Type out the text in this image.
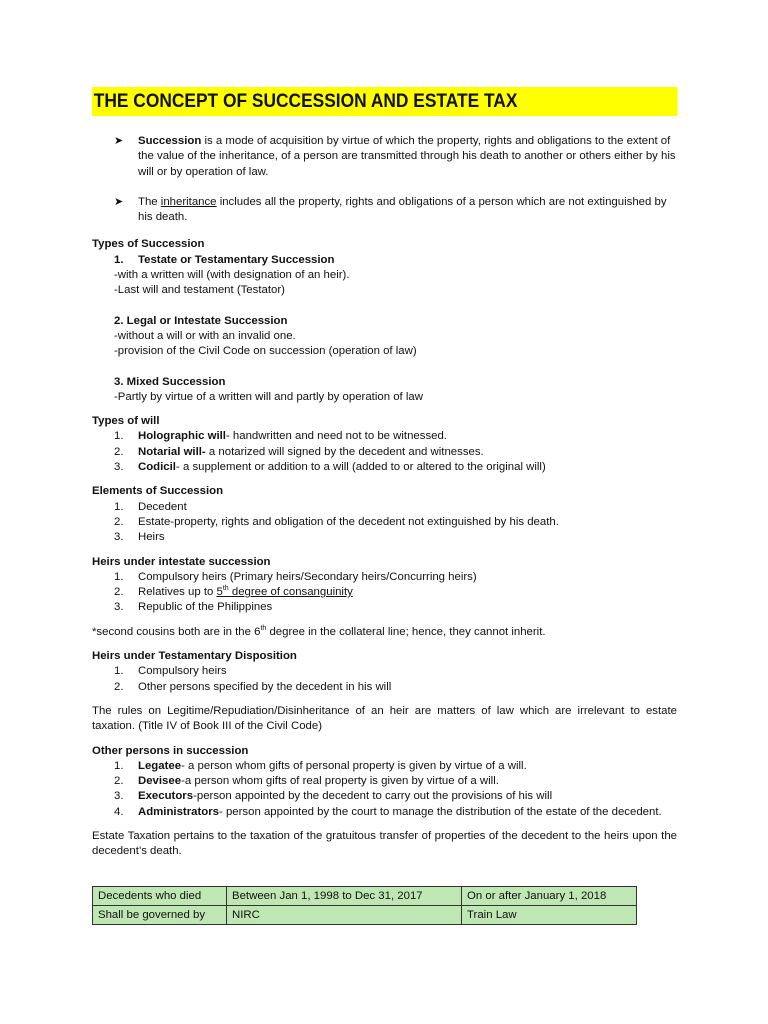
THE CONCEPT OF SUCCESSION AND ESTATE TAX
➤ Succession is a mode of acquisition by virtue of which the property, rights and obligations to the extent of the value of the inheritance, of a person are transmitted through his death to another or others either by his will or by operation of law.
➤ The inheritance includes all the property, rights and obligations of a person which are not extinguished by his death.
Types of Succession
1. Testate or Testamentary Succession
-with a written will (with designation of an heir).
-Last will and testament (Testator)
2. Legal or Intestate Succession
-without a will or with an invalid one.
-provision of the Civil Code on succession (operation of law)
3. Mixed Succession
-Partly by virtue of a written will and partly by operation of law
Types of will
1. Holographic will- handwritten and need not to be witnessed.
2. Notarial will- a notarized will signed by the decedent and witnesses.
3. Codicil- a supplement or addition to a will (added to or altered to the original will)
Elements of Succession
1. Decedent
2. Estate-property, rights and obligation of the decedent not extinguished by his death.
3. Heirs
Heirs under intestate succession
1. Compulsory heirs (Primary heirs/Secondary heirs/Concurring heirs)
2. Relatives up to 5th degree of consanguinity
3. Republic of the Philippines
*second cousins both are in the 6th degree in the collateral line; hence, they cannot inherit.
Heirs under Testamentary Disposition
1. Compulsory heirs
2. Other persons specified by the decedent in his will
The rules on Legitime/Repudiation/Disinheritance of an heir are matters of law which are irrelevant to estate taxation. (Title IV of Book III of the Civil Code)
Other persons in succession
1. Legatee- a person whom gifts of personal property is given by virtue of a will.
2. Devisee-a person whom gifts of real property is given by virtue of a will.
3. Executors-person appointed by the decedent to carry out the provisions of his will
4. Administrators- person appointed by the court to manage the distribution of the estate of the decedent.
Estate Taxation pertains to the taxation of the gratuitous transfer of properties of the decedent to the heirs upon the decedent’s death.
Decedents who died	Between Jan 1, 1998 to Dec 31, 2017	On or after January 1, 2018
Shall be governed by	NIRC	Train Law
